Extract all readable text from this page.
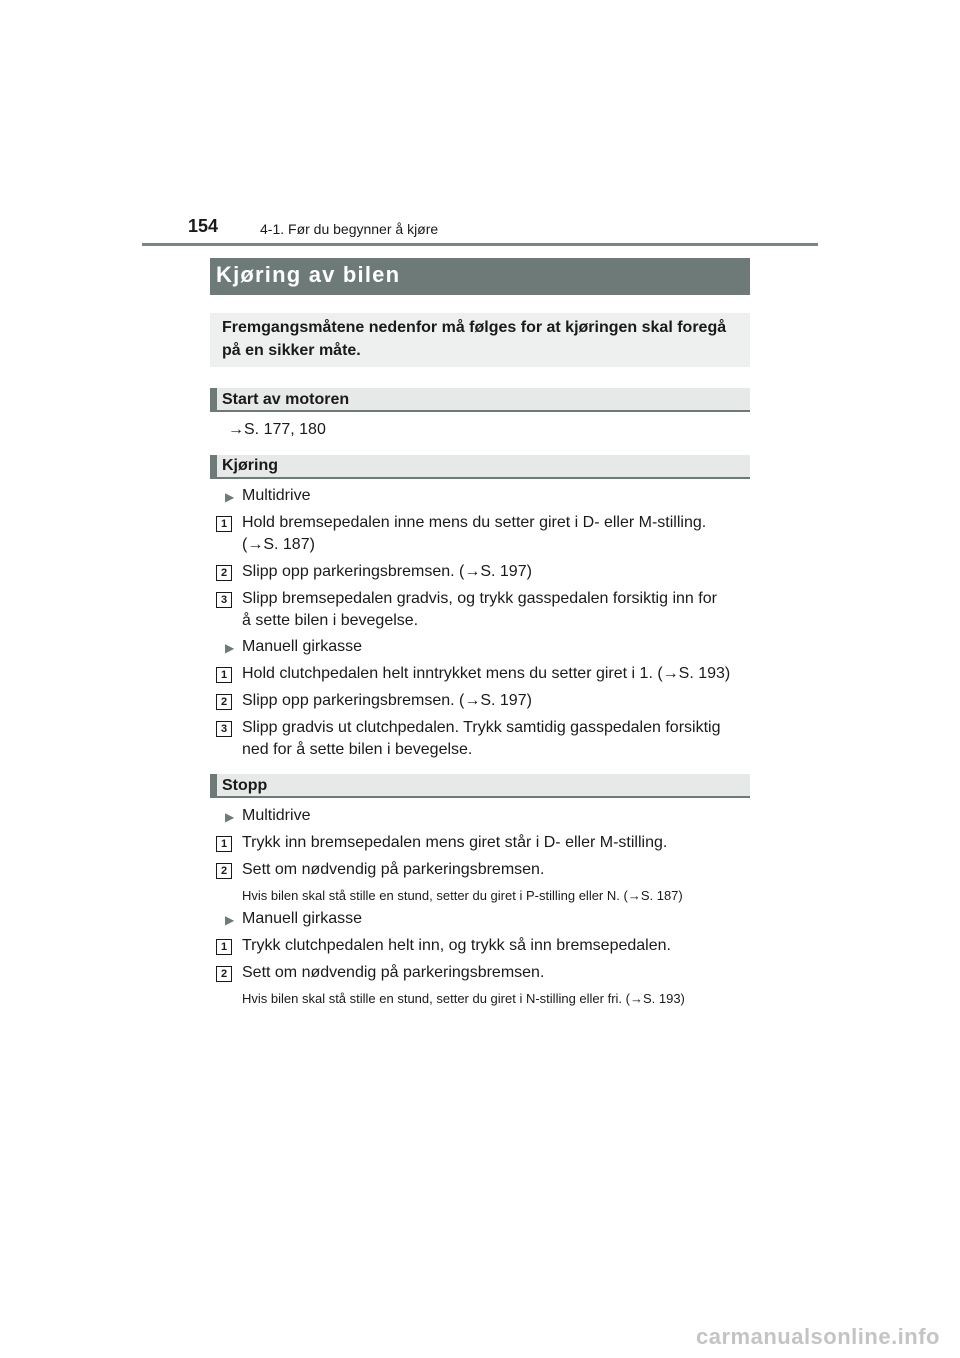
154	4-1. Før du begynner å kjøre
Kjøring av bilen
Fremgangsmåtene nedenfor må følges for at kjøringen skal foregå på en sikker måte.
Start av motoren
→S. 177, 180
Kjøring
▶ Multidrive
1 Hold bremsepedalen inne mens du setter giret i D- eller M-stilling.
(→S. 187)
2 Slipp opp parkeringsbremsen. (→S. 197)
3 Slipp bremsepedalen gradvis, og trykk gasspedalen forsiktig inn for
å sette bilen i bevegelse.
▶ Manuell girkasse
1 Hold clutchpedalen helt inntrykket mens du setter giret i 1. (→S. 193)
2 Slipp opp parkeringsbremsen. (→S. 197)
3 Slipp gradvis ut clutchpedalen. Trykk samtidig gasspedalen forsiktig
ned for å sette bilen i bevegelse.
Stopp
▶ Multidrive
1 Trykk inn bremsepedalen mens giret står i D- eller M-stilling.
2 Sett om nødvendig på parkeringsbremsen.
Hvis bilen skal stå stille en stund, setter du giret i P-stilling eller N. (→S. 187)
▶ Manuell girkasse
1 Trykk clutchpedalen helt inn, og trykk så inn bremsepedalen.
2 Sett om nødvendig på parkeringsbremsen.
Hvis bilen skal stå stille en stund, setter du giret i N-stilling eller fri. (→S. 193)
carmanualsonline.info
